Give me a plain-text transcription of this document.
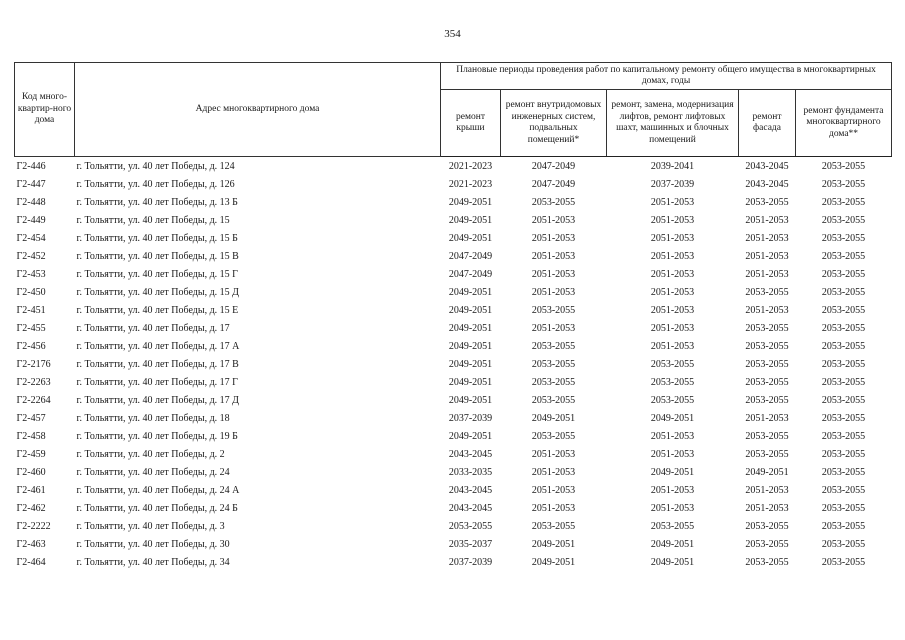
354
Код много-квартир-ного дома	Адрес многоквартирного дома	Плановые периоды проведения работ по капитальному ремонту общего имущества в многоквартирных домах, годы				
		ремонт крыши	ремонт внутридомовых инженерных систем, подвальных помещений*	ремонт, замена, модернизация лифтов, ремонт лифтовых шахт, машинных и блочных помещений	ремонт фасада	ремонт фундамента многоквартирного дома**
Г2-446	г. Тольятти, ул. 40 лет Победы, д. 124	2021-2023	2047-2049	2039-2041	2043-2045	2053-2055
Г2-447	г. Тольятти, ул. 40 лет Победы, д. 126	2021-2023	2047-2049	2037-2039	2043-2045	2053-2055
Г2-448	г. Тольятти, ул. 40 лет Победы, д. 13 Б	2049-2051	2053-2055	2051-2053	2053-2055	2053-2055
Г2-449	г. Тольятти, ул. 40 лет Победы, д. 15	2049-2051	2051-2053	2051-2053	2051-2053	2053-2055
Г2-454	г. Тольятти, ул. 40 лет Победы, д. 15 Б	2049-2051	2051-2053	2051-2053	2051-2053	2053-2055
Г2-452	г. Тольятти, ул. 40 лет Победы, д. 15 В	2047-2049	2051-2053	2051-2053	2051-2053	2053-2055
Г2-453	г. Тольятти, ул. 40 лет Победы, д. 15 Г	2047-2049	2051-2053	2051-2053	2051-2053	2053-2055
Г2-450	г. Тольятти, ул. 40 лет Победы, д. 15 Д	2049-2051	2051-2053	2051-2053	2053-2055	2053-2055
Г2-451	г. Тольятти, ул. 40 лет Победы, д. 15 Е	2049-2051	2053-2055	2051-2053	2051-2053	2053-2055
Г2-455	г. Тольятти, ул. 40 лет Победы, д. 17	2049-2051	2051-2053	2051-2053	2053-2055	2053-2055
Г2-456	г. Тольятти, ул. 40 лет Победы, д. 17 А	2049-2051	2053-2055	2051-2053	2053-2055	2053-2055
Г2-2176	г. Тольятти, ул. 40 лет Победы, д. 17 В	2049-2051	2053-2055	2053-2055	2053-2055	2053-2055
Г2-2263	г. Тольятти, ул. 40 лет Победы, д. 17 Г	2049-2051	2053-2055	2053-2055	2053-2055	2053-2055
Г2-2264	г. Тольятти, ул. 40 лет Победы, д. 17 Д	2049-2051	2053-2055	2053-2055	2053-2055	2053-2055
Г2-457	г. Тольятти, ул. 40 лет Победы, д. 18	2037-2039	2049-2051	2049-2051	2051-2053	2053-2055
Г2-458	г. Тольятти, ул. 40 лет Победы, д. 19 Б	2049-2051	2053-2055	2051-2053	2053-2055	2053-2055
Г2-459	г. Тольятти, ул. 40 лет Победы, д. 2	2043-2045	2051-2053	2051-2053	2053-2055	2053-2055
Г2-460	г. Тольятти, ул. 40 лет Победы, д. 24	2033-2035	2051-2053	2049-2051	2049-2051	2053-2055
Г2-461	г. Тольятти, ул. 40 лет Победы, д. 24 А	2043-2045	2051-2053	2051-2053	2051-2053	2053-2055
Г2-462	г. Тольятти, ул. 40 лет Победы, д. 24 Б	2043-2045	2051-2053	2051-2053	2051-2053	2053-2055
Г2-2222	г. Тольятти, ул. 40 лет Победы, д. 3	2053-2055	2053-2055	2053-2055	2053-2055	2053-2055
Г2-463	г. Тольятти, ул. 40 лет Победы, д. 30	2035-2037	2049-2051	2049-2051	2053-2055	2053-2055
Г2-464	г. Тольятти, ул. 40 лет Победы, д. 34	2037-2039	2049-2051	2049-2051	2053-2055	2053-2055
